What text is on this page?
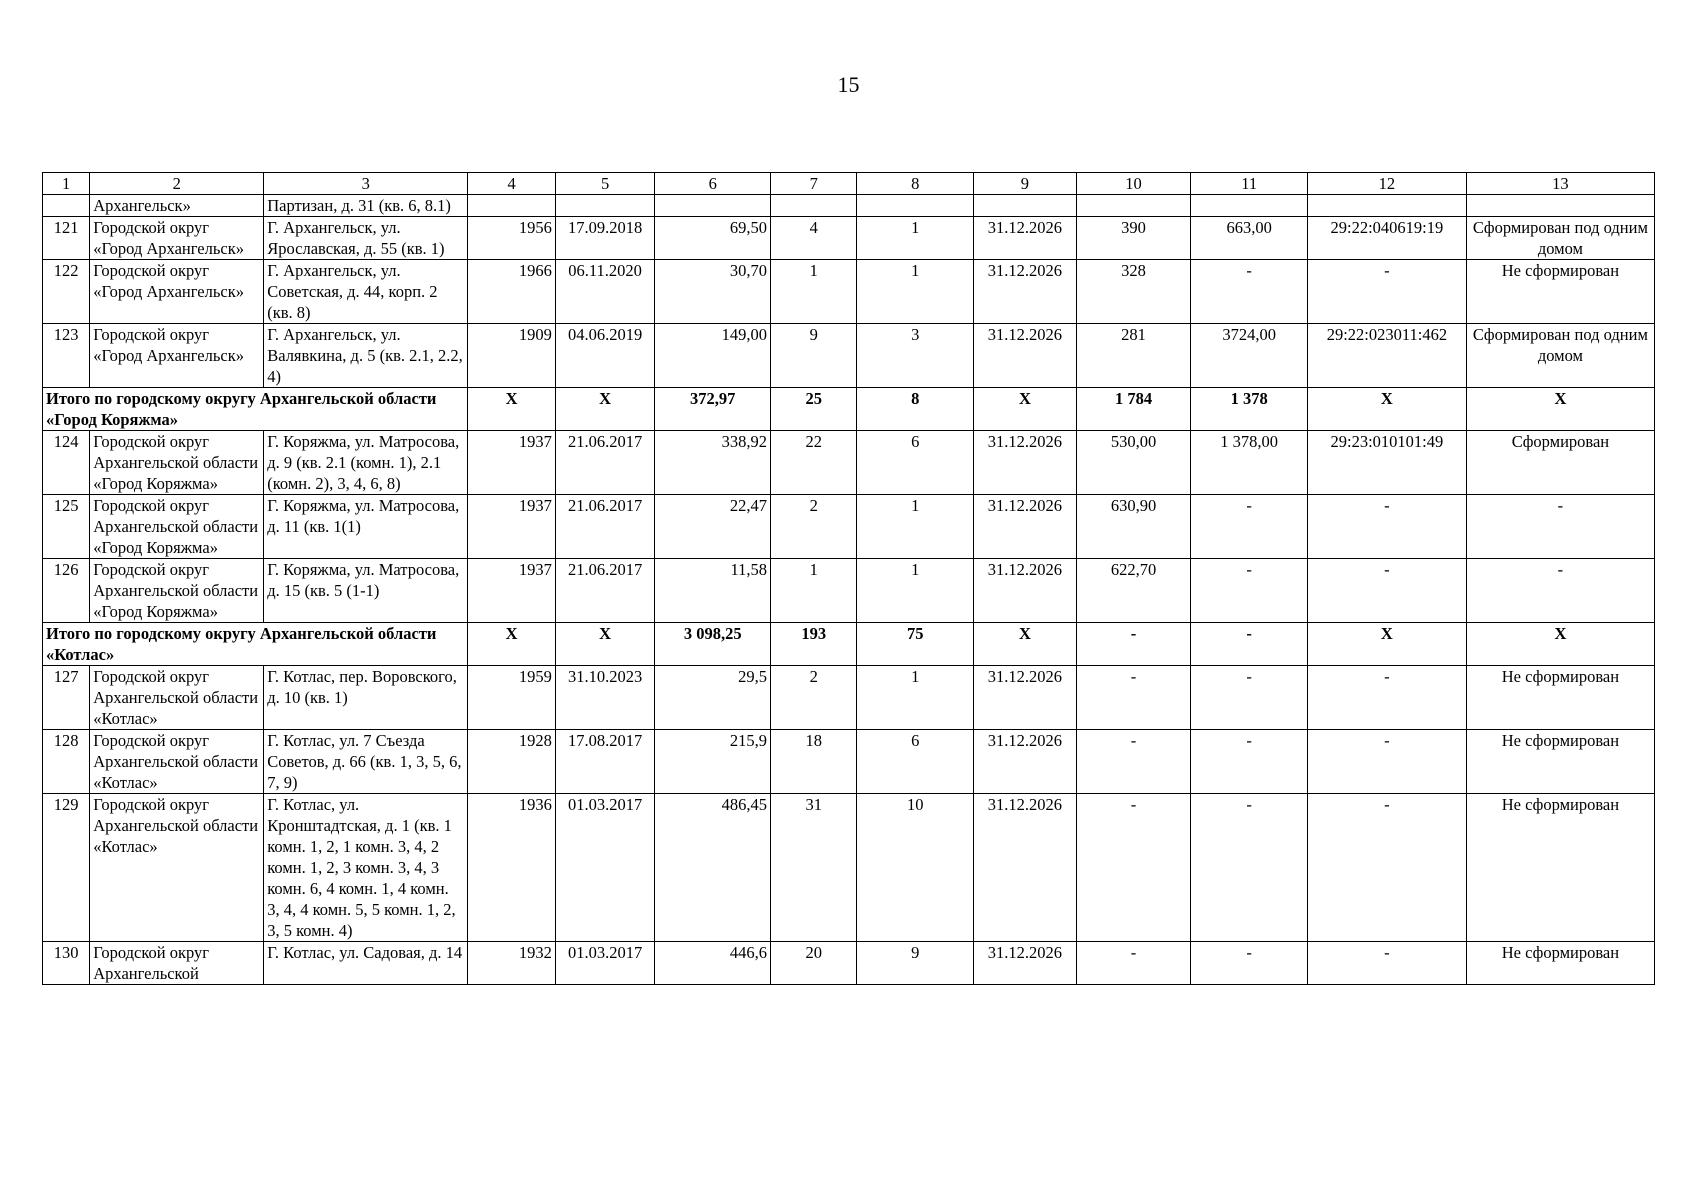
15
1	2	3	4	5	6	7	8	9	10	11	12	13
	Архангельск»	Партизан, д. 31 (кв. 6, 8.1)										
121	Городской округ «Город Архангельск»	Г. Архангельск, ул. Ярославская, д. 55 (кв. 1)	1956	17.09.2018	69,50	4	1	31.12.2026	390	663,00	29:22:040619:19	Сформирован под одним домом
122	Городской округ «Город Архангельск»	Г. Архангельск, ул. Советская, д. 44, корп. 2 (кв. 8)	1966	06.11.2020	30,70	1	1	31.12.2026	328	-	-	Не сформирован
123	Городской округ «Город Архангельск»	Г. Архангельск, ул. Валявкина, д. 5 (кв. 2.1, 2.2, 4)	1909	04.06.2019	149,00	9	3	31.12.2026	281	3724,00	29:22:023011:462	Сформирован под одним домом
Итого по городскому округу Архангельской области «Город Коряжма»			X	X	372,97	25	8	X	1 784	1 378	X	X
124	Городской округ Архангельской области «Город Коряжма»	Г. Коряжма, ул. Матросова, д. 9 (кв. 2.1 (комн. 1), 2.1 (комн. 2), 3, 4, 6, 8)	1937	21.06.2017	338,92	22	6	31.12.2026	530,00	1 378,00	29:23:010101:49	Сформирован
125	Городской округ Архангельской области «Город Коряжма»	Г. Коряжма, ул. Матросова, д. 11 (кв. 1(1)	1937	21.06.2017	22,47	2	1	31.12.2026	630,90	-	-	-
126	Городской округ Архангельской области «Город Коряжма»	Г. Коряжма, ул. Матросова, д. 15 (кв. 5 (1-1)	1937	21.06.2017	11,58	1	1	31.12.2026	622,70	-	-	-
Итого по городскому округу Архангельской области «Котлас»			X	X	3 098,25	193	75	X	-	-	X	X
127	Городской округ Архангельской области «Котлас»	Г. Котлас, пер. Воровского, д. 10 (кв. 1)	1959	31.10.2023	29,5	2	1	31.12.2026	-	-	-	Не сформирован
128	Городской округ Архангельской области «Котлас»	Г. Котлас, ул. 7 Съезда Советов, д. 66 (кв. 1, 3, 5, 6, 7, 9)	1928	17.08.2017	215,9	18	6	31.12.2026	-	-	-	Не сформирован
129	Городской округ Архангельской области «Котлас»	Г. Котлас, ул. Кронштадтская, д. 1 (кв. 1 комн. 1, 2, 1 комн. 3, 4, 2 комн. 1, 2, 3 комн. 3, 4, 3 комн. 6, 4 комн. 1, 4 комн. 3, 4, 4 комн. 5, 5 комн. 1, 2, 3, 5 комн. 4)	1936	01.03.2017	486,45	31	10	31.12.2026	-	-	-	Не сформирован
130	Городской округ Архангельской	Г. Котлас, ул. Садовая, д. 14	1932	01.03.2017	446,6	20	9	31.12.2026	-	-	-	Не сформирован
